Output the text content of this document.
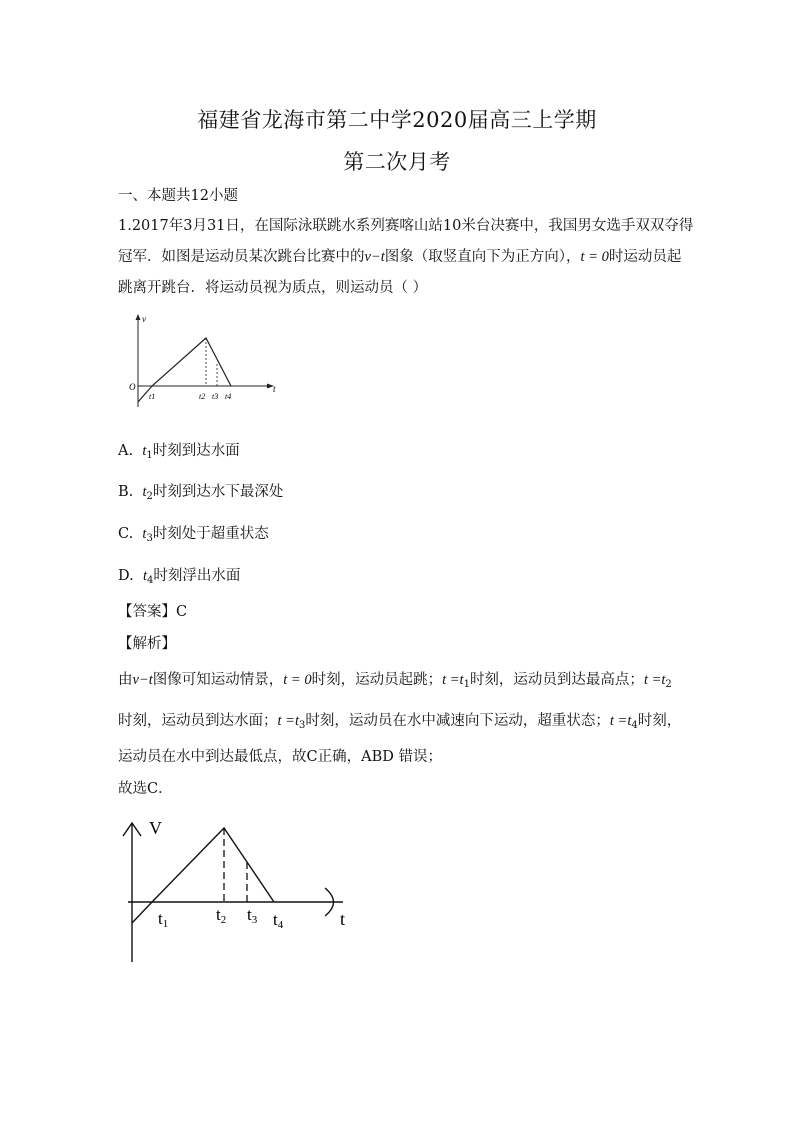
福建省龙海市第二中学2020届高三上学期
第二次月考
一、本题共12小题
1.2017年3月31日，在国际泳联跳水系列赛喀山站10米台决赛中，我国男女选手双双夺得
冠军．如图是运动员某次跳台比赛中的v−t图象（取竖直向下为正方向），t = 0时运动员起
跳离开跳台．将运动员视为质点，则运动员（ ）
v
O	t
t1	t2 t3 t4
A. $t_1$时刻到达水面
B. $t_2$时刻到达水下最深处
C. $t_3$时刻处于超重状态
D. $t_4$时刻浮出水面
【答案】C
【解析】
由v−t图像可知运动情景，t = 0时刻，运动员起跳；$t =t_1$时刻，运动员到达最高点；$t =t_2$
时刻，运动员到达水面；$t =t_3$时刻，运动员在水中减速向下运动，超重状态；$t =t_4$时刻，
运动员在水中到达最低点，故C正确，ABD 错误；
故选C．
V
t
t1	t2 t3 t4
